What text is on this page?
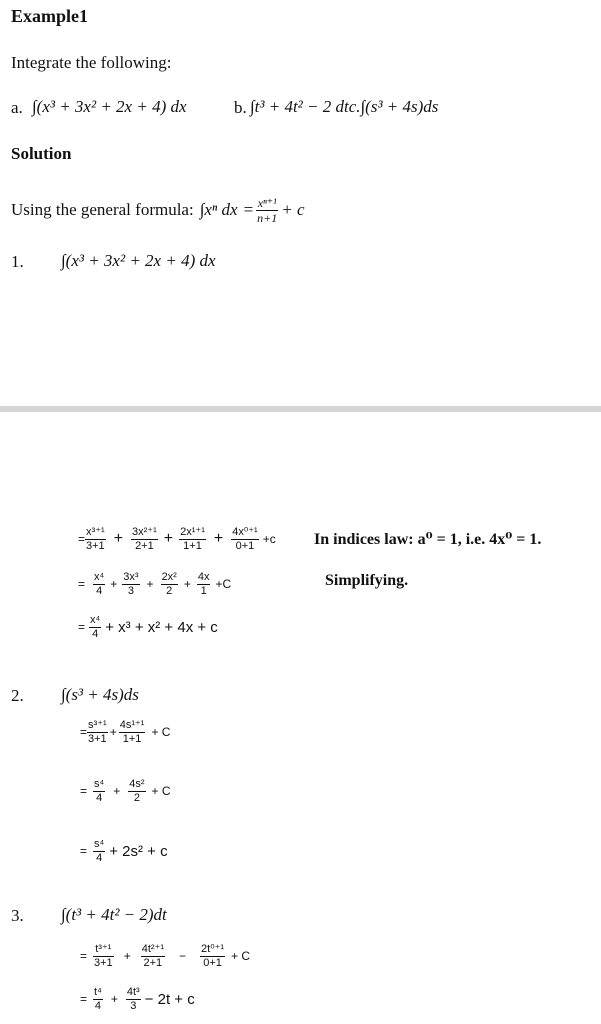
Example1
Integrate the following:
a. ∫(x³ + 3x² + 2x + 4) dx	b. ∫t³ + 4t² − 2 dtc.∫(s³ + 4s)ds
Solution
Using the general formula: ∫xⁿ dx = $\frac{\text{xⁿ⁺¹}}{n+1} + c$
1. ∫(x³ + 3x² + 2x + 4) dx
= $\frac{\text{x³⁺¹}}{3+1} + \frac{\text{3x²⁺¹}}{2+1} + \frac{\text{2x¹⁺¹}}{1+1} + \frac{\text{4x⁰⁺¹}}{0+1} +c$ In indices law: a⁰ = 1, i.e. 4x⁰ = 1.
= $\frac{\text{x⁴}}{4} + \frac{\text{3x³}}{3} + \frac{\text{2x²}}{2} + \frac{4x}{1} +C$	Simplifying.
= $\frac{\text{x⁴}}{4} + x^3 + x^2 + 4x + c$
2. ∫(s³ + 4s)ds
= $\frac{\text{s³⁺¹}}{3+1} + \frac{\text{4s¹⁺¹}}{1+1} + C$
= $\frac{\text{s⁴}}{4} + \frac{\text{4s²}}{2} + C$
= $\frac{\text{s⁴}}{4} + 2s^2 + c$
3. ∫(t³ + 4t² − 2)dt
= $\frac{\text{t³⁺¹}}{3+1} + \frac{\text{4t²⁺¹}}{2+1} - \frac{\text{2t⁰⁺¹}}{0+1} + C$
= $\frac{\text{t⁴}}{4} + \frac{\text{4t³}}{3} - 2t + c$
